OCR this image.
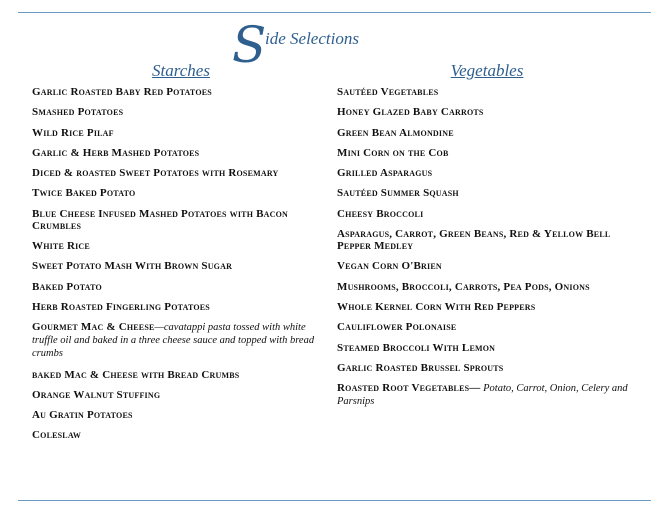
S
ide Selections
Starches
Garlic Roasted Baby Red Potatoes
Smashed Potatoes
Wild Rice Pilaf
Garlic & Herb Mashed Potatoes
Diced & roasted Sweet Potatoes with Rosemary
Twice Baked Potato
Blue Cheese Infused Mashed Potatoes with Bacon Crumbles
White Rice
Sweet Potato Mash With Brown Sugar
Baked Potato
Herb Roasted Fingerling Potatoes
Gourmet Mac & Cheese—cavatappi pasta tossed with white truffle oil and baked in a three cheese sauce and topped with bread crumbs
baked Mac & Cheese with Bread Crumbs
Orange Walnut Stuffing
Au Gratin Potatoes
Coleslaw
Vegetables
Sautéed Vegetables
Honey Glazed Baby Carrots
Green Bean Almondine
Mini Corn on the Cob
Grilled Asparagus
Sautéed Summer Squash
Cheesy Broccoli
Asparagus, Carrot, Green Beans, Red & Yellow Bell Pepper Medley
Vegan Corn O'Brien
Mushrooms, Broccoli, Carrots, Pea Pods, Onions
Whole Kernel Corn With Red Peppers
Cauliflower Polonaise
Steamed Broccoli With Lemon
Garlic Roasted Brussel Sprouts
Roasted Root Vegetables— Potato, Carrot, Onion, Celery and Parsnips
